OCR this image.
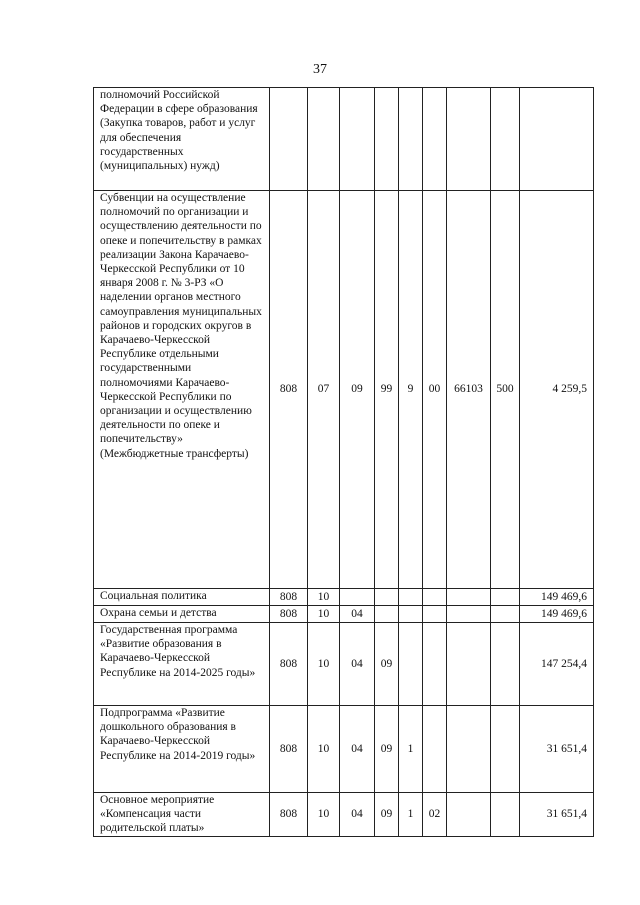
37
полномочий Российской Федерации в сфере образования (Закупка товаров, работ и услуг для обеспечения государственных (муниципальных) нужд)									
Субвенции на осуществление полномочий по организации и осуществлению деятельности по опеке и попечительству в рамках реализации Закона Карачаево-Черкесской Республики от 10 января 2008 г. № 3-РЗ «О наделении органов местного самоуправления муниципальных районов и городских округов в Карачаево-Черкесской Республике отдельными государственными полномочиями Карачаево-Черкесской Республики по организации и осуществлению деятельности по опеке и попечительству» (Межбюджетные трансферты)	808	07	09	99	9	00	66103	500	4 259,5
Социальная политика	808	10							149 469,6
Охрана семьи и детства	808	10	04						149 469,6
Государственная программа «Развитие образования в Карачаево-Черкесской Республике на 2014-2025 годы»	808	10	04	09					147 254,4
Подпрограмма «Развитие дошкольного образования в Карачаево-Черкесской Республике на 2014-2019 годы»	808	10	04	09	1				31 651,4
Основное мероприятие «Компенсация части родительской платы»	808	10	04	09	1	02			31 651,4
